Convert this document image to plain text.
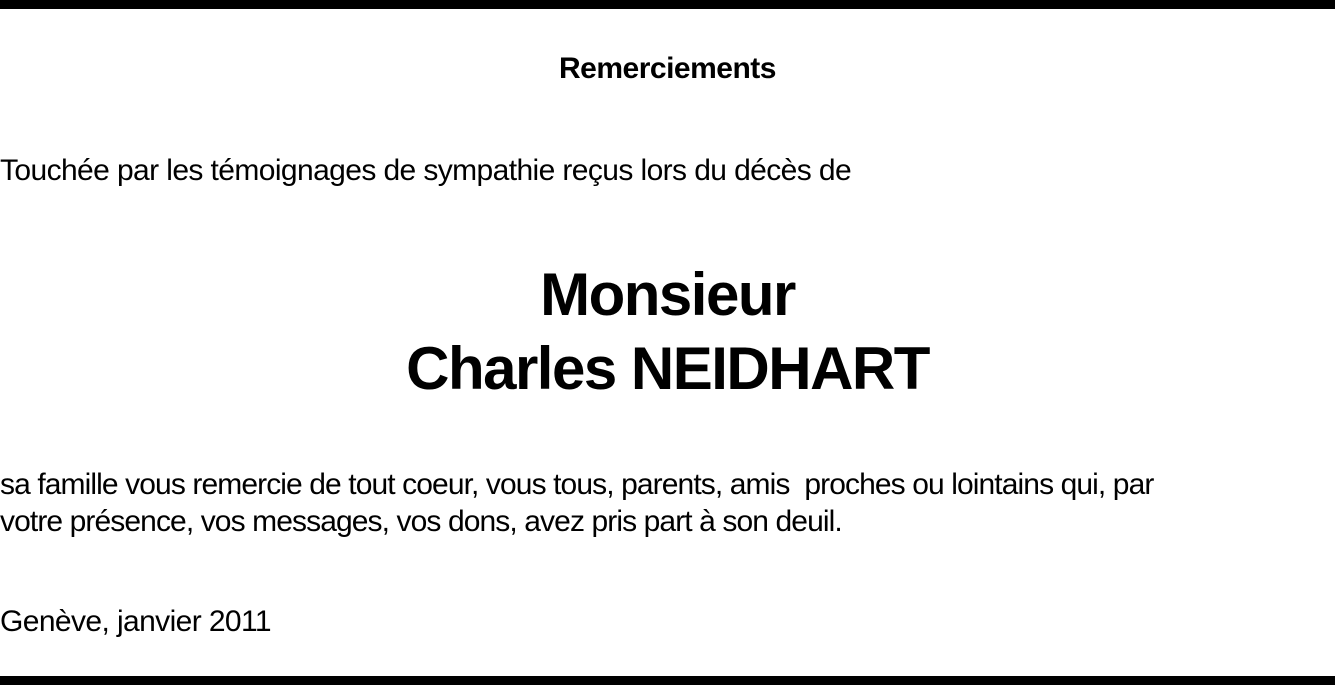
Remerciements
Touchée par les témoignages de sympathie reçus lors du décès de
Monsieur
Charles NEIDHART
sa famille vous remercie de tout coeur, vous tous, parents, amis  proches ou lointains qui, par
votre présence, vos messages, vos dons, avez pris part à son deuil.
Genève, janvier 2011
